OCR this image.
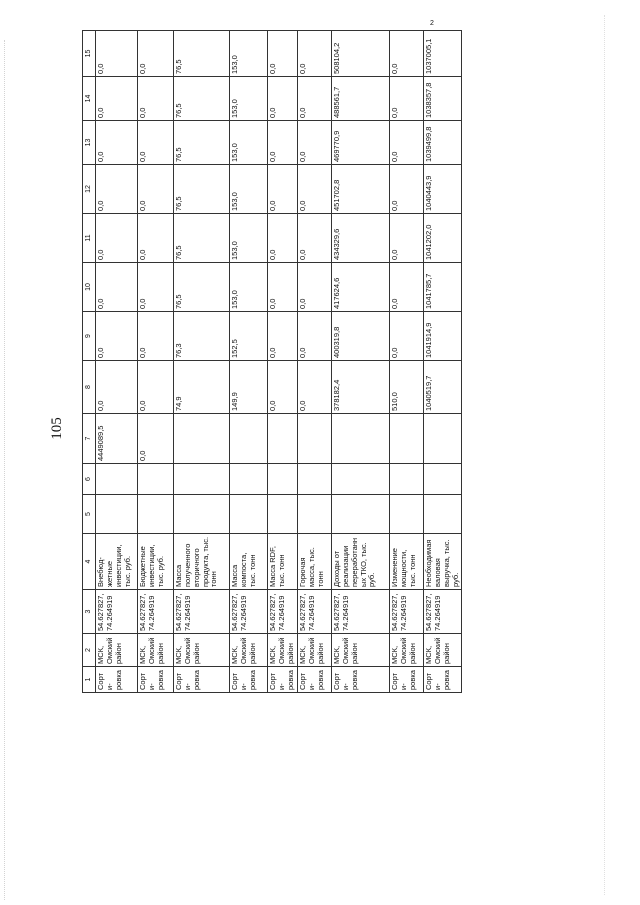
105
2
1	2	3	4	5	6	7	8	9	10	11	12	13	14	15
Сорти-ровка	МСК, Омский район	54.627827, 74.264919	Внебюд-жетные инвестиции, тыс. руб.			4449089,5	0,0	0,0	0,0	0,0	0,0	0,0	0,0	0,0
Сорти-ровка	МСК, Омский район	54.627827, 74.264919	Бюджетные инвестиции, тыс. руб.			0,0	0,0	0,0	0,0	0,0	0,0	0,0	0,0	0,0
Сорти-ровка	МСК, Омский район	54.627827, 74.264919	Масса полученного вторичного продукта, тыс. тонн				74,9	76,3	76,5	76,5	76,5	76,5	76,5	76,5
Сорти-ровка	МСК, Омский район	54.627827, 74.264919	Масса компоста, тыс. тонн				149,9	152,5	153,0	153,0	153,0	153,0	153,0	153,0
Сорти-ровка	МСК, Омский район	54.627827, 74.264919	Масса RDF, тыс. тонн				0,0	0,0	0,0	0,0	0,0	0,0	0,0	0,0
Сорти-ровка	МСК, Омский район	54.627827, 74.264919	Горючая масса, тыс. тонн				0,0	0,0	0,0	0,0	0,0	0,0	0,0	0,0
Сорти-ровка	МСК, Омский район	54.627827, 74.264919	Доходы от реализации переработанных ТКО, тыс. руб.				378182,4	400319,8	417624,6	434329,6	451702,8	469770,9	488561,7	508104,2
Сорти-ровка	МСК, Омский район	54.627827, 74.264919	Изменение мощности, тыс. тонн				510,0	0,0	0,0	0,0	0,0	0,0	0,0	0,0
Сорти-ровка	МСК, Омский район	54.627827, 74.264919	Необходимая валовая выручка, тыс. руб.				1040519,7	1041914,9	1041785,7	1041202,0	1040443,9	1039499,8	1038357,8	1037005,1
